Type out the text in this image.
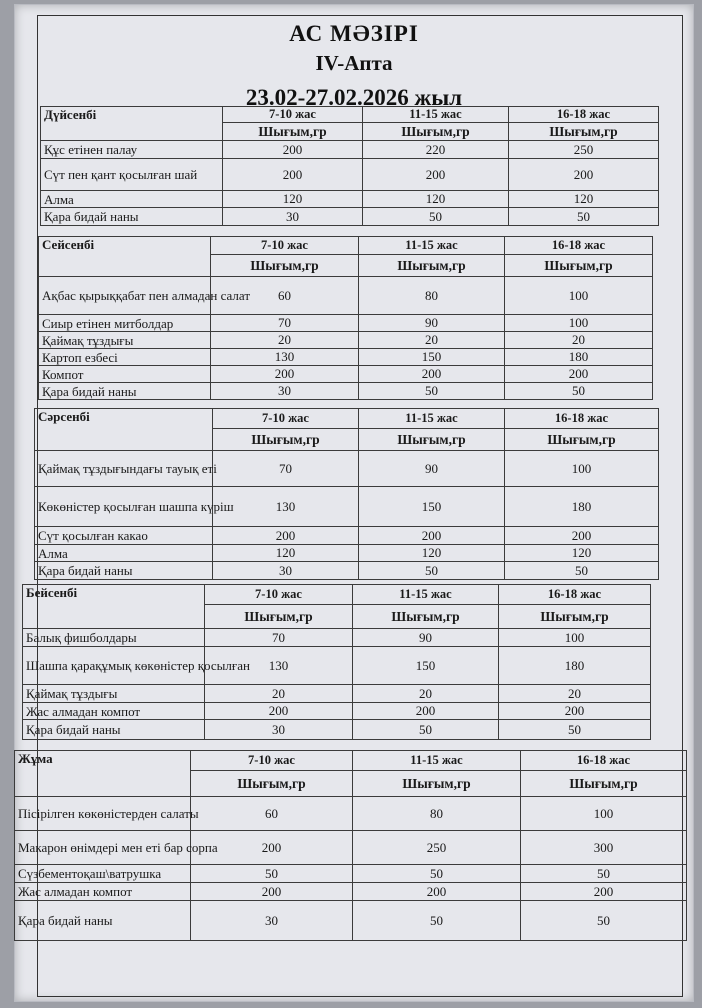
АС МӘЗІРІ
IV-Апта
23.02-27.02.2026 жыл
Дүйсенбі	7-10 жас	11-15 жас	16-18 жас
	Шығым,гр	Шығым,гр	Шығым,гр
Құс етінен палау	200	220	250
Сүт пен қант қосылған шай	200	200	200
Алма	120	120	120
Қара бидай наны	30	50	50
Сейсенбі	7-10 жас	11-15 жас	16-18 жас
	Шығым,гр	Шығым,гр	Шығым,гр
Ақбас қырыққабат пен алмадан салат	60	80	100
Сиыр етінен митболдар	70	90	100
Қаймақ тұздығы	20	20	20
Картоп езбесі	130	150	180
Компот	200	200	200
Қара бидай наны	30	50	50
Сәрсенбі	7-10 жас	11-15 жас	16-18 жас
	Шығым,гр	Шығым,гр	Шығым,гр
Қаймақ тұздығындағы тауық еті	70	90	100
Көкөністер қосылған шашпа күріш	130	150	180
Сүт қосылған какао	200	200	200
Алма	120	120	120
Қара бидай наны	30	50	50
Бейсенбі	7-10 жас	11-15 жас	16-18 жас
	Шығым,гр	Шығым,гр	Шығым,гр
Балық фишболдары	70	90	100
Шашпа қарақұмық көкөністер қосылған	130	150	180
Қаймақ тұздығы	20	20	20
Жас алмадан компот	200	200	200
Қара бидай наны	30	50	50
Жұма	7-10 жас	11-15 жас	16-18 жас
	Шығым,гр	Шығым,гр	Шығым,гр
Пісірілген көкөністерден салаты	60	80	100
Макарон өнімдері мен еті бар сорпа	200	250	300
Сүзбементоқаш\ватрушка	50	50	50
Жас алмадан компот	200	200	200
Қара бидай наны	30	50	50
